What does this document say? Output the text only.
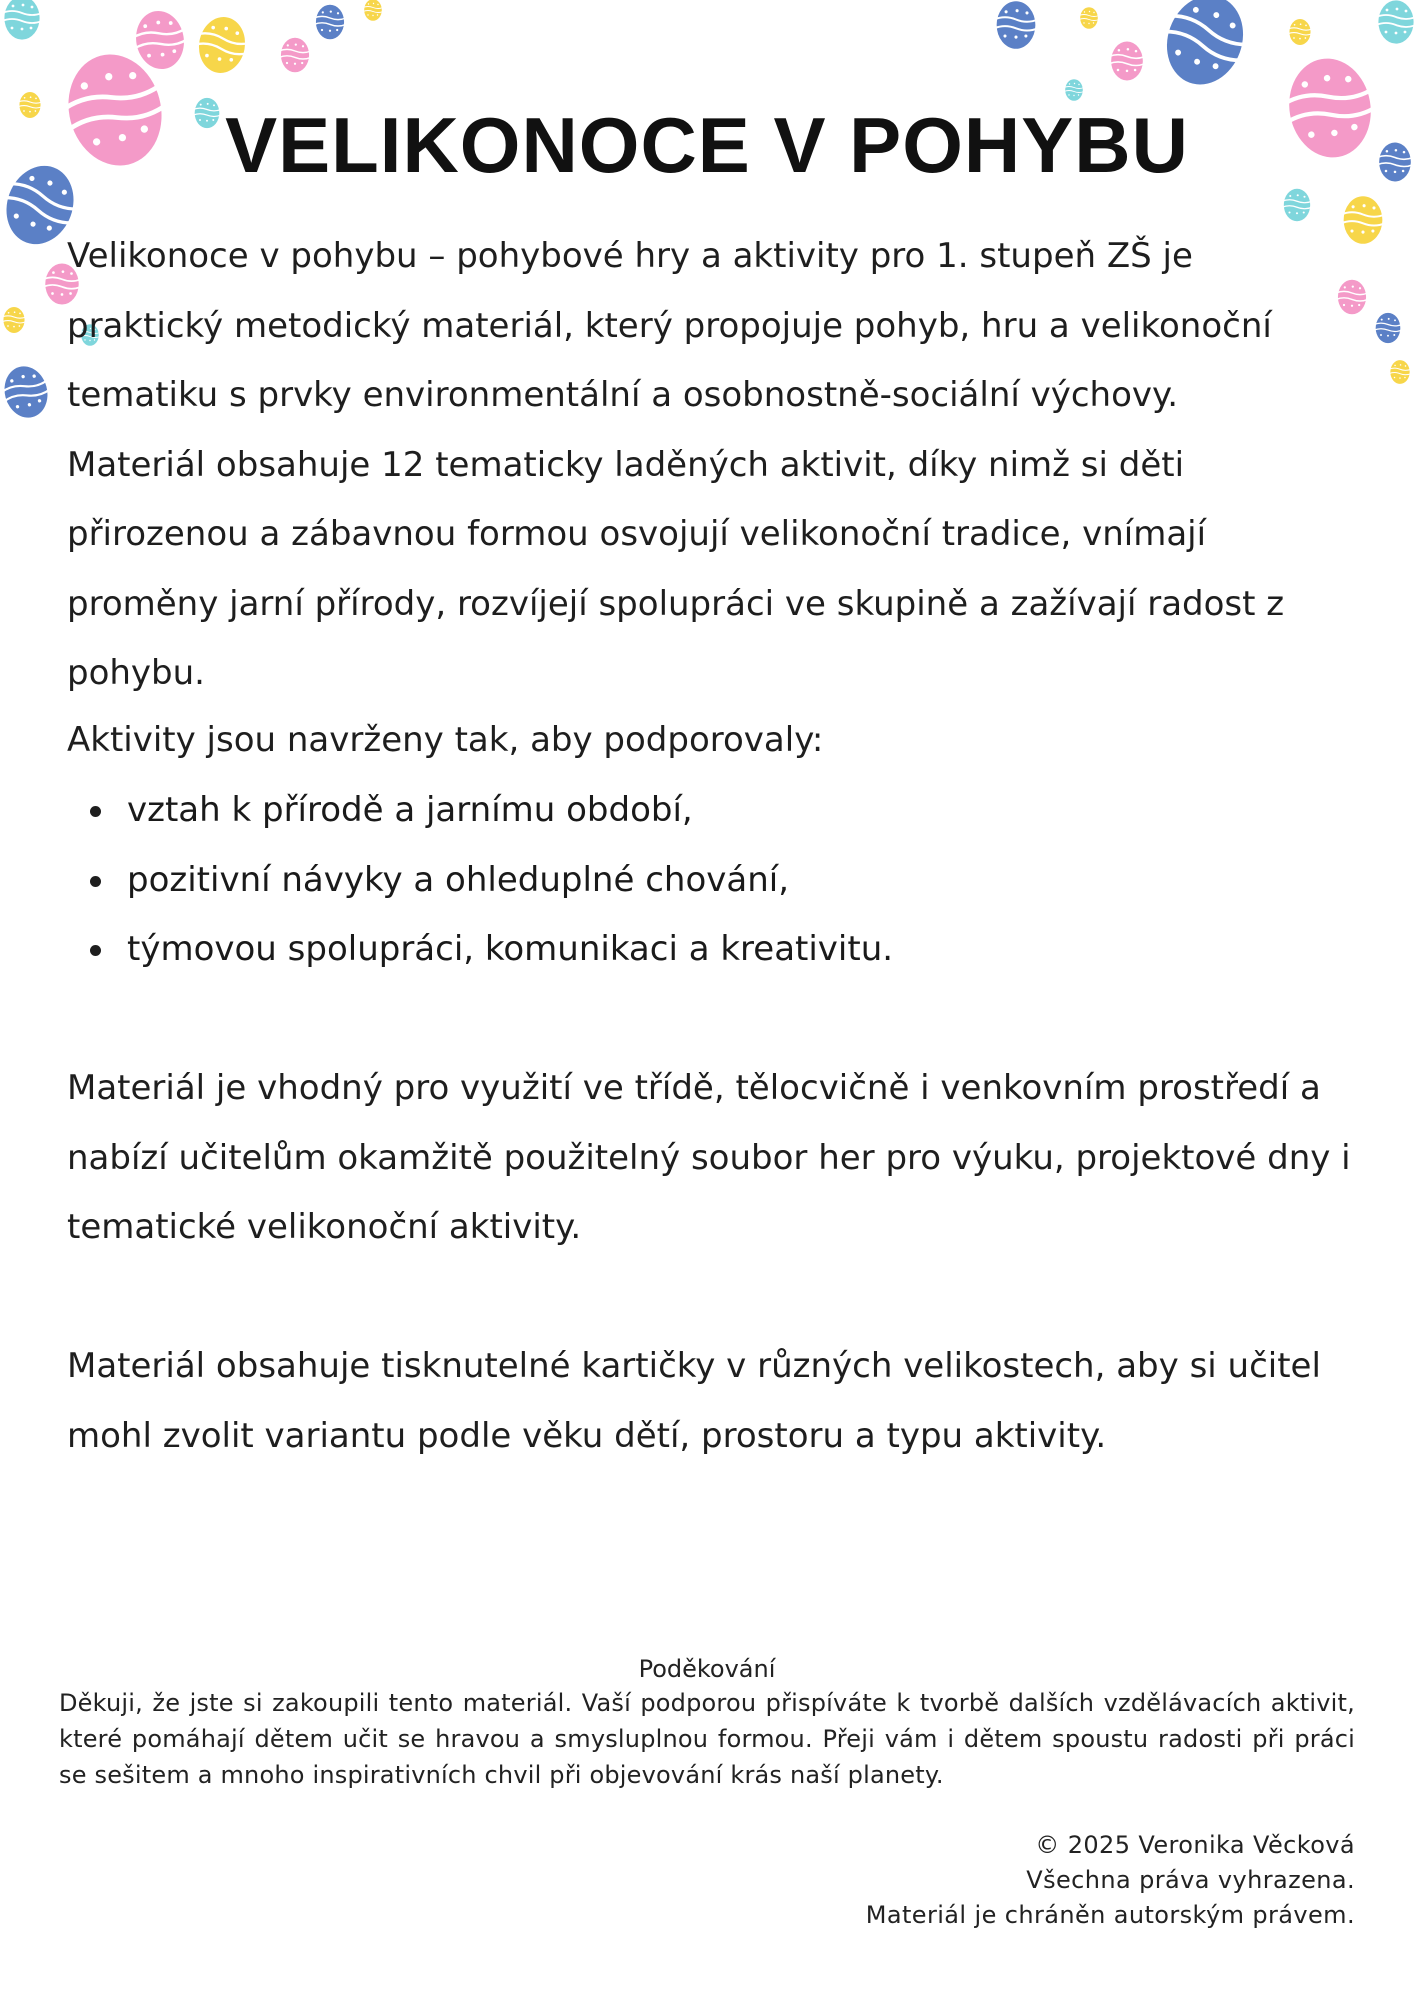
VELIKONOCE V POHYBU

Velikonoce v pohybu – pohybové hry a aktivity pro 1. stupeň ZŠ je praktický metodický materiál, který propojuje pohyb, hru a velikonoční tematiku s prvky environmentální a osobnostně-sociální výchovy.

Materiál obsahuje 12 tematicky laděných aktivit, díky nimž si děti přirozenou a zábavnou formou osvojují velikonoční tradice, vnímají proměny jarní přírody, rozvíjejí spolupráci ve skupině a zažívají radost z pohybu.

Aktivity jsou navrženy tak, aby podporovaly:

vztah k přírodě a jarnímu období,
pozitivní návyky a ohleduplné chování,
týmovou spolupráci, komunikaci a kreativitu.

Materiál je vhodný pro využití ve třídě, tělocvičně i venkovním prostředí a nabízí učitelům okamžitě použitelný soubor her pro výuku, projektové dny i tematické velikonoční aktivity.

Materiál obsahuje tisknutelné kartičky v různých velikostech, aby si učitel mohl zvolit variantu podle věku dětí, prostoru a typu aktivity.

Poděkování
Děkuji, že jste si zakoupili tento materiál. Vaší podporou přispíváte k tvorbě dalších vzdělávacích aktivit, které pomáhají dětem učit se hravou a smysluplnou formou. Přeji vám i dětem spoustu radosti při práci se sešitem a mnoho inspirativních chvil při objevování krás naší planety.
© 2025 Veronika Věcková
Všechna práva vyhrazena.
Materiál je chráněn autorským právem.
